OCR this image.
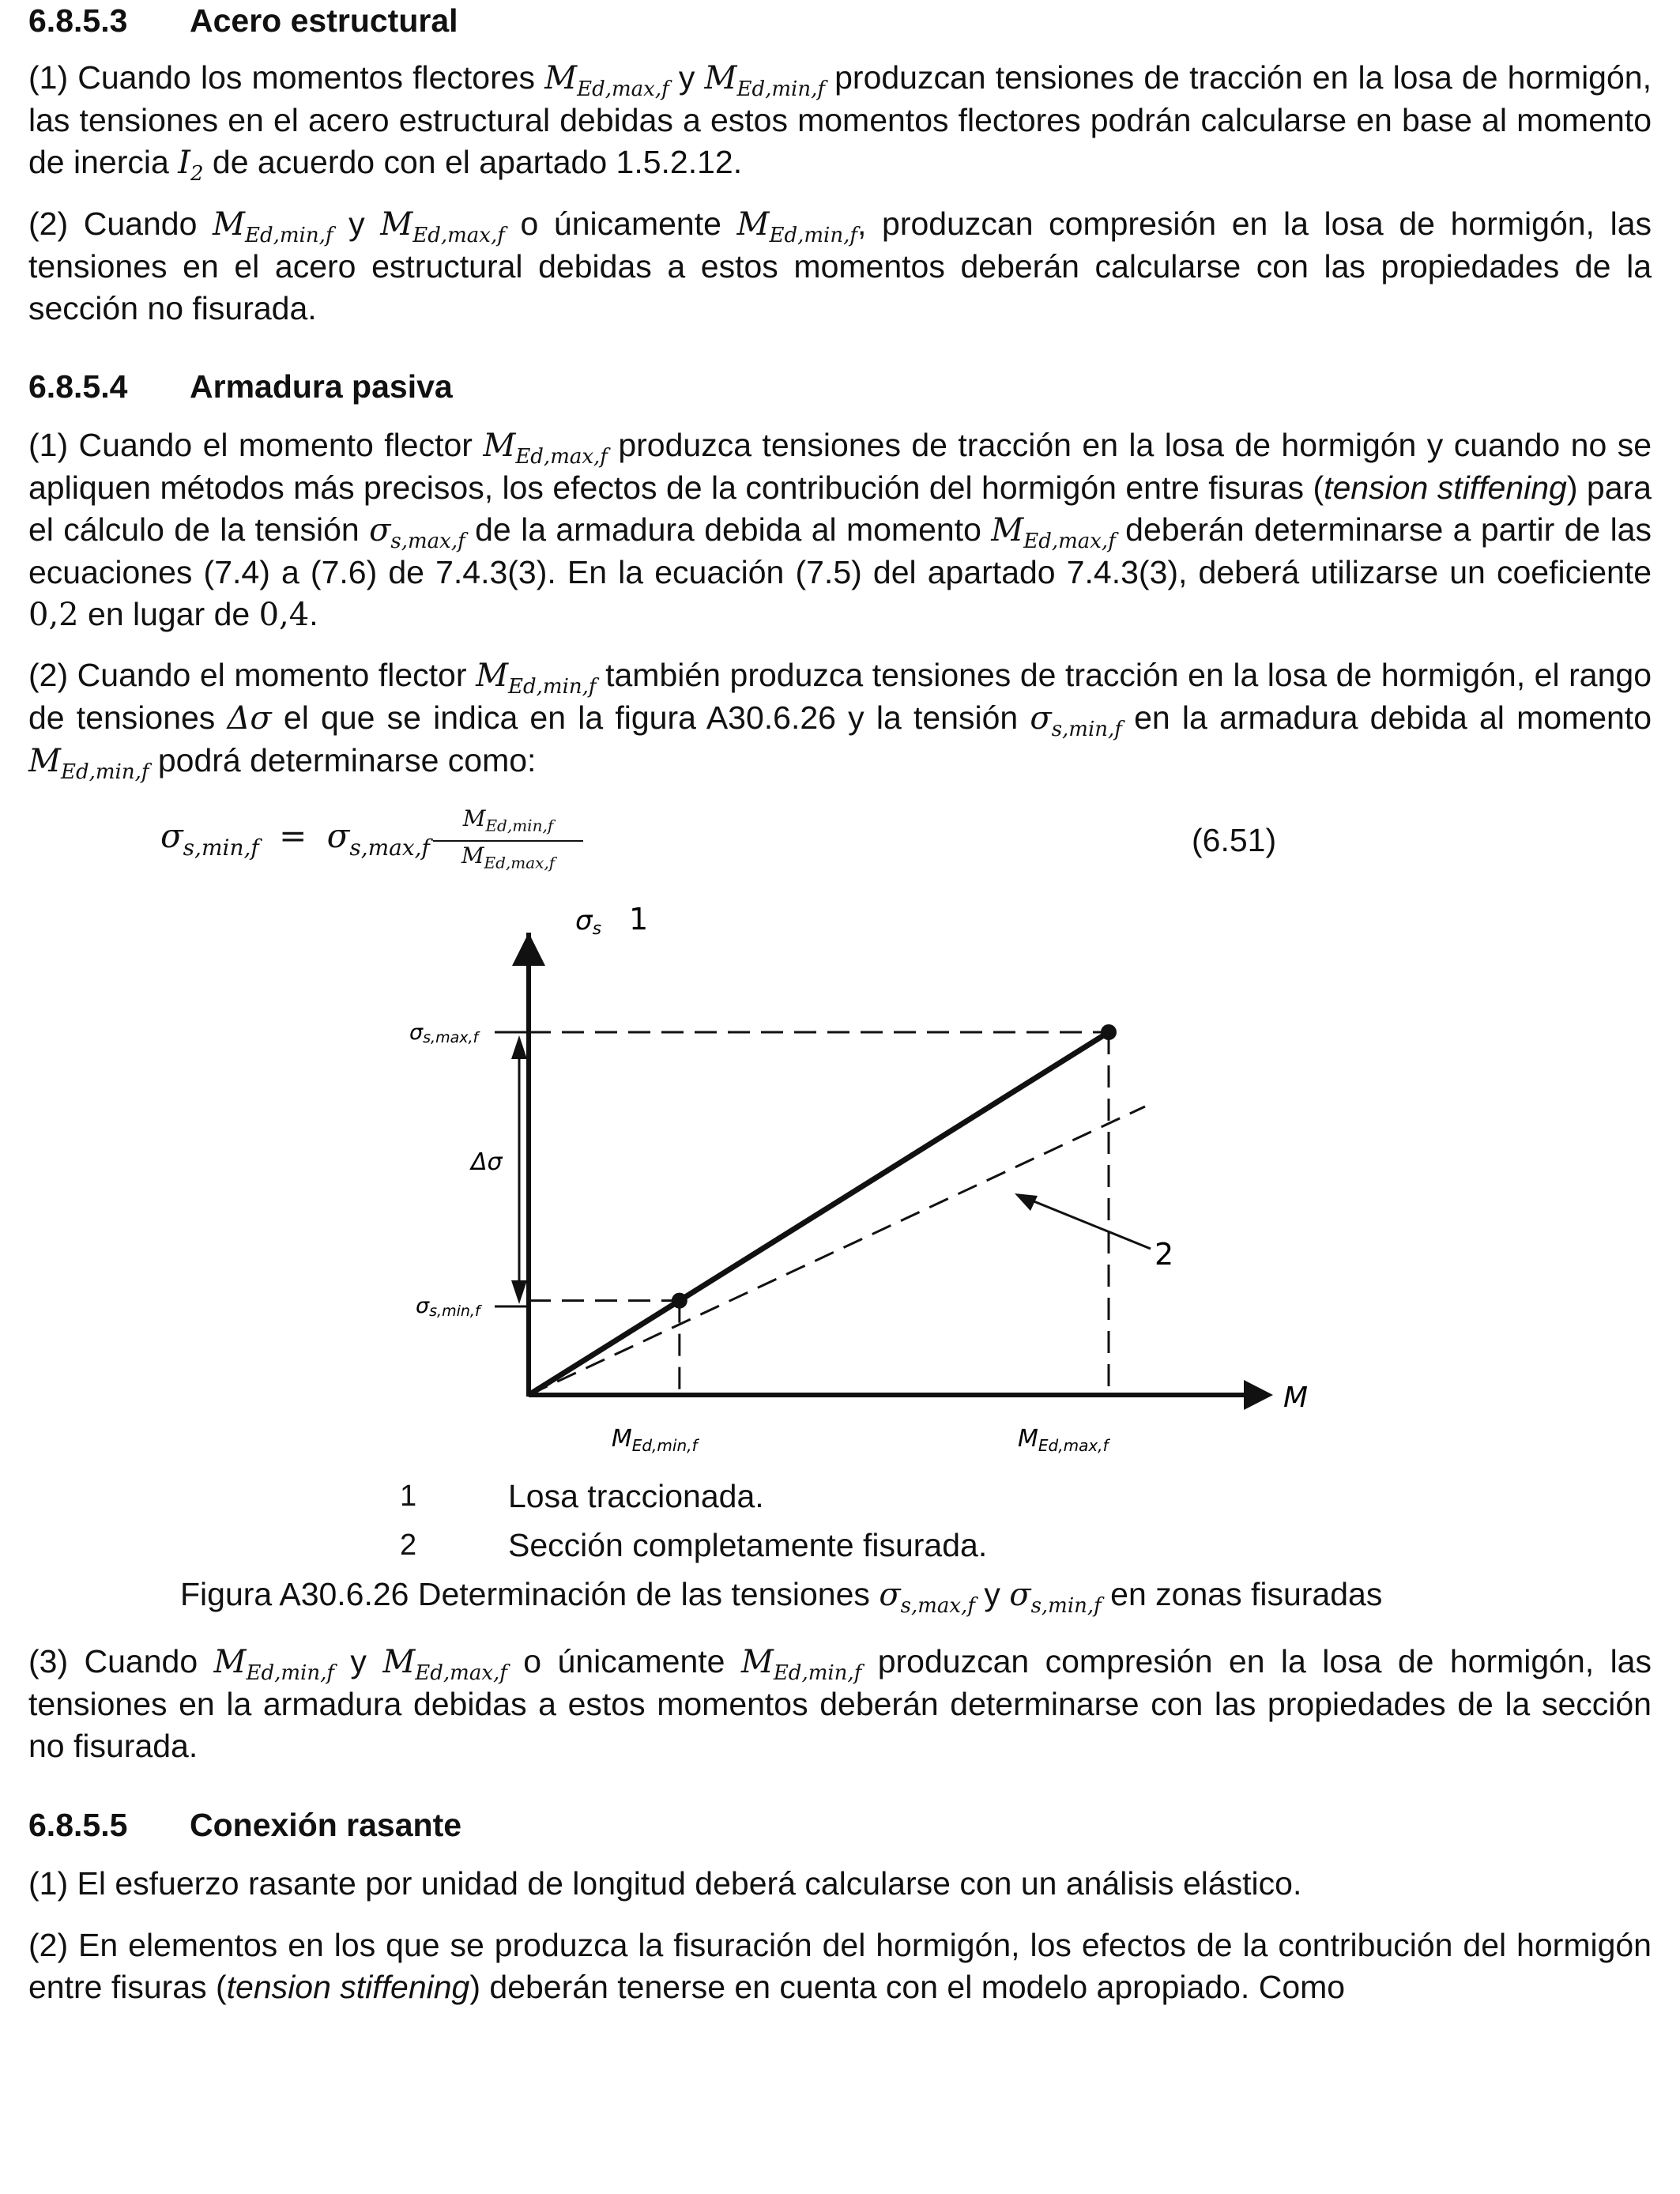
6.8.5.3 Acero estructural
(1) Cuando los momentos flectores $M_{Ed,max,f}$ y $M_{Ed,min,f}$ produzcan tensiones de tracción en la losa de hormigón, las tensiones en el acero estructural debidas a estos momentos flectores podrán calcularse en base al momento de inercia $I_2$ de acuerdo con el apartado 1.5.2.12.
(2) Cuando $M_{Ed,min,f}$ y $M_{Ed,max,f}$ o únicamente $M_{Ed,min,f}$, produzcan compresión en la losa de hormigón, las tensiones en el acero estructural debidas a estos momentos deberán calcularse con las propiedades de la sección no fisurada.
6.8.5.4 Armadura pasiva
(1) Cuando el momento flector $M_{Ed,max,f}$ produzca tensiones de tracción en la losa de hormigón y cuando no se apliquen métodos más precisos, los efectos de la contribución del hormigón entre fisuras (tension stiffening) para el cálculo de la tensión $\sigma_{s,max,f}$ de la armadura debida al momento $M_{Ed,max,f}$ deberán determinarse a partir de las ecuaciones (7.4) a (7.6) de 7.4.3(3). En la ecuación (7.5) del apartado 7.4.3(3), deberá utilizarse un coeficiente 0,2 en lugar de 0,4.
(2) Cuando el momento flector $M_{Ed,min,f}$ también produzca tensiones de tracción en la losa de hormigón, el rango de tensiones Δσ el que se indica en la figura A30.6.26 y la tensión $\sigma_{s,min,f}$ en la armadura debida al momento $M_{Ed,min,f}$ podrá determinarse como:
$\sigma_{s,min,f} = \sigma_{s,max,f}$
$M_{Ed,min,f}$
$M_{Ed,max,f}$
(6.51)
σs 1
M
σs,max,f
σs,min,f
Δσ
2
$M_{Ed,min,f}$	$M_{Ed,max,f}$
1	Losa traccionada.
2	Sección completamente fisurada.
Figura A30.6.26 Determinación de las tensiones $\sigma_{s,max,f}$ y $\sigma_{s,min,f}$ en zonas fisuradas
(3) Cuando $M_{Ed,min,f}$ y $M_{Ed,max,f}$ o únicamente $M_{Ed,min,f}$ produzcan compresión en la losa de hormigón, las tensiones en la armadura debidas a estos momentos deberán determinarse con las propiedades de la sección no fisurada.
6.8.5.5 Conexión rasante
(1) El esfuerzo rasante por unidad de longitud deberá calcularse con un análisis elástico.
(2) En elementos en los que se produzca la fisuración del hormigón, los efectos de la contribución del hormigón entre fisuras (tension stiffening) deberán tenerse en cuenta con el modelo apropiado. Como
